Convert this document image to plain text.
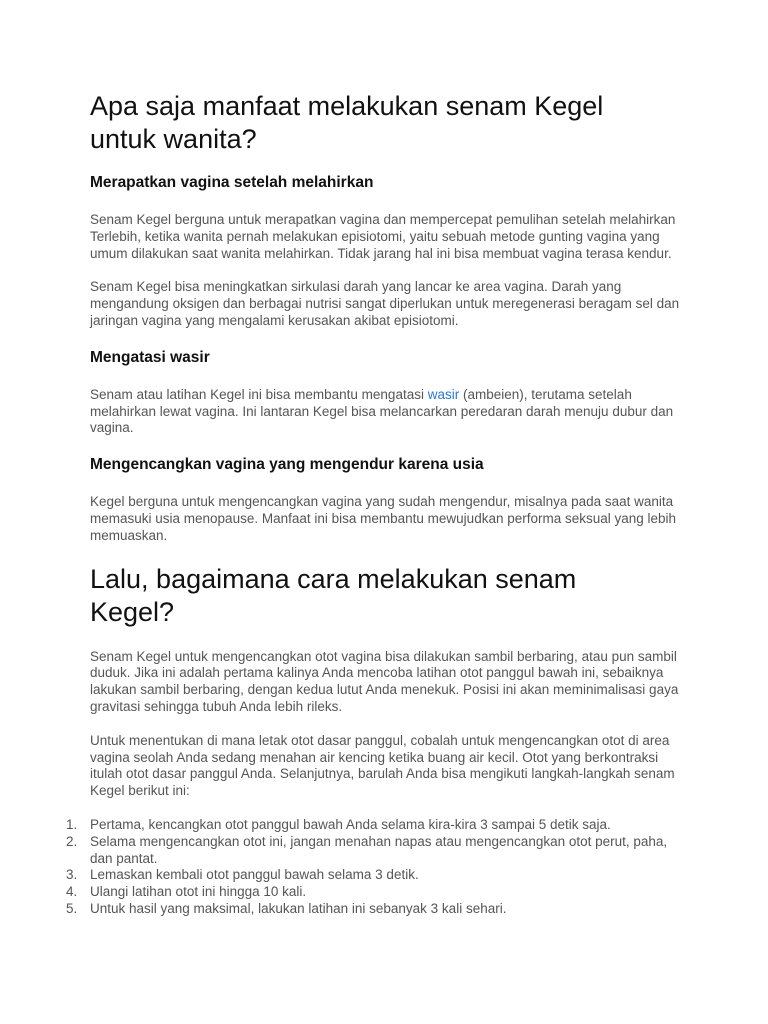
Apa saja manfaat melakukan senam Kegel untuk wanita?
Merapatkan vagina setelah melahirkan

Senam Kegel berguna untuk merapatkan vagina dan mempercepat pemulihan setelah melahirkan Terlebih, ketika wanita pernah melakukan episiotomi, yaitu sebuah metode gunting vagina yang umum dilakukan saat wanita melahirkan. Tidak jarang hal ini bisa membuat vagina terasa kendur.

Senam Kegel bisa meningkatkan sirkulasi darah yang lancar ke area vagina. Darah yang mengandung oksigen dan berbagai nutrisi sangat diperlukan untuk meregenerasi beragam sel dan jaringan vagina yang mengalami kerusakan akibat episiotomi.

Mengatasi wasir

Senam atau latihan Kegel ini bisa membantu mengatasi wasir (ambeien), terutama setelah melahirkan lewat vagina. Ini lantaran Kegel bisa melancarkan peredaran darah menuju dubur dan vagina.

Mengencangkan vagina yang mengendur karena usia

Kegel berguna untuk mengencangkan vagina yang sudah mengendur, misalnya pada saat wanita memasuki usia menopause. Manfaat ini bisa membantu mewujudkan performa seksual yang lebih memuaskan.

Lalu, bagaimana cara melakukan senam Kegel?

Senam Kegel untuk mengencangkan otot vagina bisa dilakukan sambil berbaring, atau pun sambil duduk. Jika ini adalah pertama kalinya Anda mencoba latihan otot panggul bawah ini, sebaiknya lakukan sambil berbaring, dengan kedua lutut Anda menekuk. Posisi ini akan meminimalisasi gaya gravitasi sehingga tubuh Anda lebih rileks.

Untuk menentukan di mana letak otot dasar panggul, cobalah untuk mengencangkan otot di area vagina seolah Anda sedang menahan air kencing ketika buang air kecil. Otot yang berkontraksi itulah otot dasar panggul Anda. Selanjutnya, barulah Anda bisa mengikuti langkah-langkah senam Kegel berikut ini:

1. Pertama, kencangkan otot panggul bawah Anda selama kira-kira 3 sampai 5 detik saja.
2. Selama mengencangkan otot ini, jangan menahan napas atau mengencangkan otot perut, paha, dan pantat.
3. Lemaskan kembali otot panggul bawah selama 3 detik.
4. Ulangi latihan otot ini hingga 10 kali.
5. Untuk hasil yang maksimal, lakukan latihan ini sebanyak 3 kali sehari.
